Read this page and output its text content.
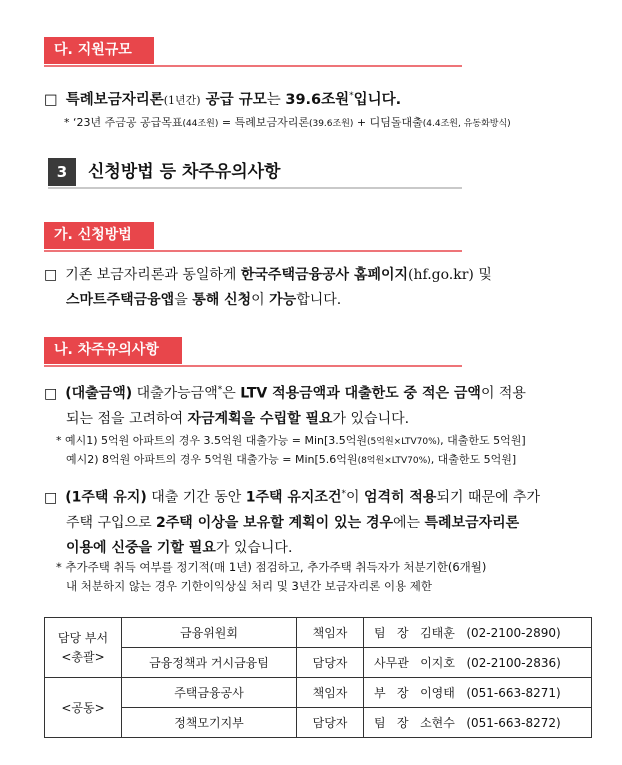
다. 지원규모
□ 특례보금자리론(1년간) 공급 규모는 39.6조원*입니다.
* ‘23년 주금공 공급목표(44조원) = 특례보금자리론(39.6조원) + 디딤돌대출(4.4조원, 유동화방식)
3	신청방법 등 차주유의사항
가. 신청방법
□ 기존 보금자리론과 동일하게 한국주택금융공사 홈페이지(hf.go.kr) 및
스마트주택금융앱을 통해 신청이 가능합니다.
나. 차주유의사항
□ (대출금액) 대출가능금액*은 LTV 적용금액과 대출한도 중 적은 금액이 적용
되는 점을 고려하여 자금계획을 수립할 필요가 있습니다.
* 예시1) 5억원 아파트의 경우 3.5억원 대출가능 = Min[3.5억원(5억원×LTV70%), 대출한도 5억원]
예시2) 8억원 아파트의 경우 5억원 대출가능 = Min[5.6억원(8억원×LTV70%), 대출한도 5억원]
□ (1주택 유지) 대출 기간 동안 1주택 유지조건*이 엄격히 적용되기 때문에 추가
주택 구입으로 2주택 이상을 보유할 계획이 있는 경우에는 특례보금자리론
이용에 신중을 기할 필요가 있습니다.
* 추가주택 취득 여부를 정기적(매 1년) 점검하고, 추가주택 취득자가 처분기한(6개월)
내 처분하지 않는 경우 기한이익상실 처리 및 3년간 보금자리론 이용 제한
담당 부서
<총괄>	금융위원회	책임자	팀   장   김태훈 (02-2100-2890)
	금융정책과 거시금융팀	담당자	사무관   이지호 (02-2100-2836)
<공동>	주택금융공사	책임자	부   장   이영태 (051-663-8271)
	정책모기지부	담당자	팀   장   소현수 (051-663-8272)
